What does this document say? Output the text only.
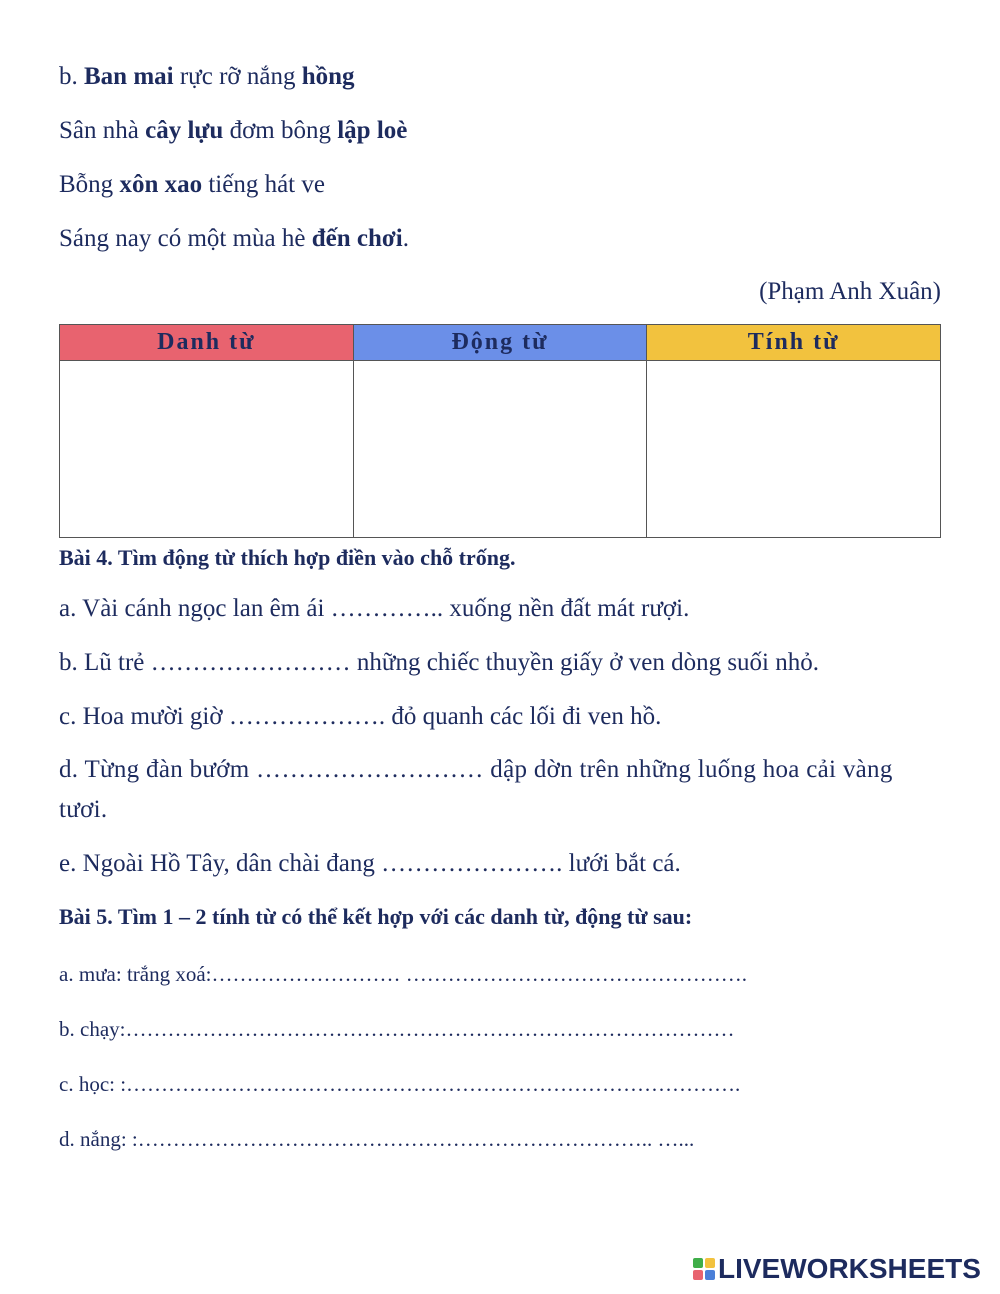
b. Ban mai rực rỡ nắng hồng
Sân nhà cây lựu đơm bông lập loè
Bỗng xôn xao tiếng hát ve
Sáng nay có một mùa hè đến chơi.
(Phạm Anh Xuân)
Danh từ	Động từ	Tính từ

Bài 4. Tìm động từ thích hợp điền vào chỗ trống.
a. Vài cánh ngọc lan êm ái ………….. xuống nền đất mát rượi.
b. Lũ trẻ …………………… những chiếc thuyền giấy ở ven dòng suối nhỏ.
c. Hoa mười giờ ………………. đỏ quanh các lối đi ven hồ.
d. Từng đàn bướm ……………………… dập dờn trên những luống hoa cải vàng tươi.
e. Ngoài Hồ Tây, dân chài đang …………………. lưới bắt cá.
Bài 5. Tìm 1 – 2 tính từ có thể kết hợp với các danh từ, động từ sau:
a. mưa: trắng xoá:……………………… ………………………………………….
b. chạy:……………………………………………………………………………
c. học: :…………………………………………………………………………….
d. nắng: :……………………………………………………………….. …...
LIVEWORKSHEETS
